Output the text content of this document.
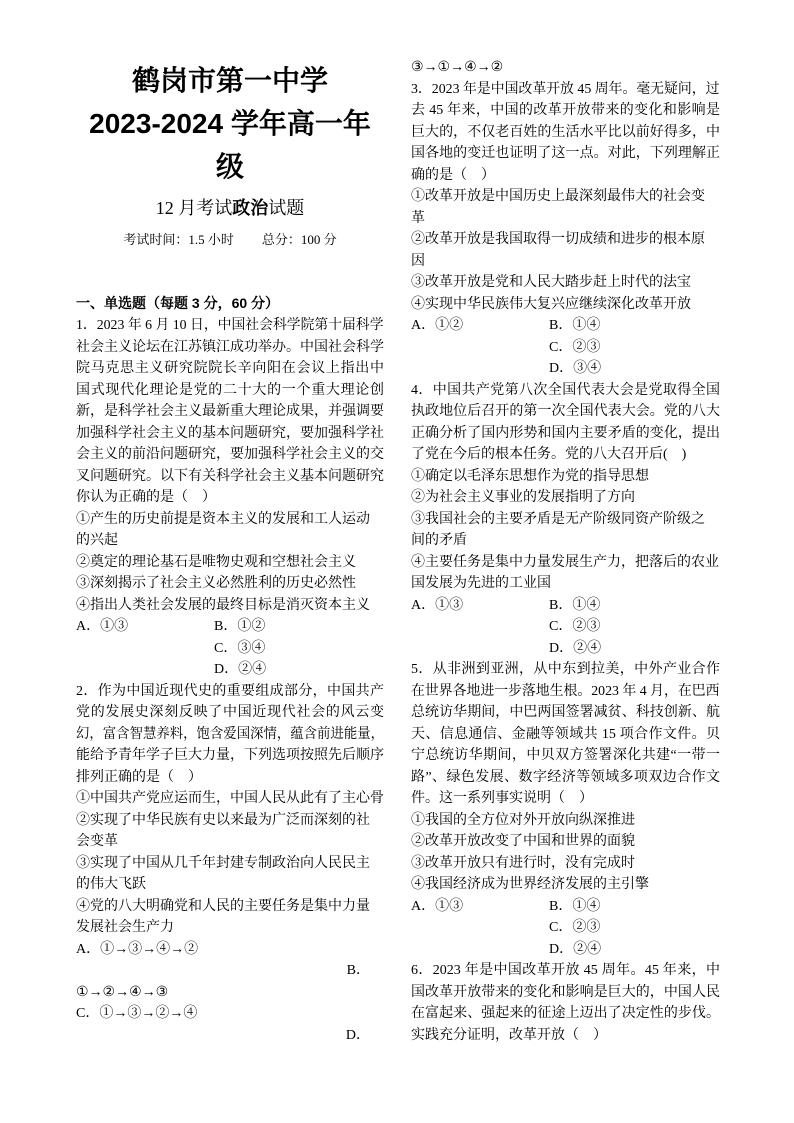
鹤岗市第一中学
2023-2024 学年高一年
级
12 月考试政治试题
考试时间：1.5 小时 总分：100 分
一、单选题（每题 3 分，60 分）
1．2023 年 6 月 10 日，中国社会科学院第十届科学
社会主义论坛在江苏镇江成功举办。中国社会科学
院马克思主义研究院院长辛向阳在会议上指出中
国式现代化理论是党的二十大的一个重大理论创
新，是科学社会主义最新重大理论成果，并强调要
加强科学社会主义的基本问题研究，要加强科学社
会主义的前沿问题研究，要加强科学社会主义的交
叉问题研究。以下有关科学社会主义基本问题研究
你认为正确的是（　）
①产生的历史前提是资本主义的发展和工人运动
的兴起
②奠定的理论基石是唯物史观和空想社会主义
③深刻揭示了社会主义必然胜利的历史必然性
④指出人类社会发展的最终目标是消灭资本主义
A．①③	B．①②
C．③④
D．②④
2．作为中国近现代史的重要组成部分，中国共产
党的发展史深刻反映了中国近现代社会的风云变
幻，富含智慧养料，饱含爱国深情，蕴含前进能量，
能给予青年学子巨大力量，下列选项按照先后顺序
排列正确的是（　）
①中国共产党应运而生，中国人民从此有了主心骨
②实现了中华民族有史以来最为广泛而深刻的社
会变革
③实现了中国从几千年封建专制政治向人民民主
的伟大飞跃
④党的八大明确党和人民的主要任务是集中力量
发展社会生产力
A．①→③→④→②
B．
①→②→④→③
C．①→③→②→④
D．
③→①→④→②
3．2023 年是中国改革开放 45 周年。毫无疑问，过
去 45 年来，中国的改革开放带来的变化和影响是
巨大的，不仅老百姓的生活水平比以前好得多，中
国各地的变迁也证明了这一点。对此，下列理解正
确的是（　）
①改革开放是中国历史上最深刻最伟大的社会变
革
②改革开放是我国取得一切成绩和进步的根本原
因
③改革开放是党和人民大踏步赶上时代的法宝
④实现中华民族伟大复兴应继续深化改革开放
A．①②	B．①④
C．②③
D．③④
4．中国共产党第八次全国代表大会是党取得全国
执政地位后召开的第一次全国代表大会。党的八大
正确分析了国内形势和国内主要矛盾的变化，提出
了党在今后的根本任务。党的八大召开后(　)
①确定以毛泽东思想作为党的指导思想
②为社会主义事业的发展指明了方向
③我国社会的主要矛盾是无产阶级同资产阶级之
间的矛盾
④主要任务是集中力量发展生产力，把落后的农业
国发展为先进的工业国
A．①③	B．①④
C．②③
D．②④
5．从非洲到亚洲，从中东到拉美，中外产业合作
在世界各地进一步落地生根。2023 年 4 月，在巴西
总统访华期间，中巴两国签署减贫、科技创新、航
天、信息通信、金融等领域共 15 项合作文件。贝
宁总统访华期间，中贝双方签署深化共建“一带一
路”、绿色发展、数字经济等领域多项双边合作文
件。这一系列事实说明（　）
①我国的全方位对外开放向纵深推进
②改革开放改变了中国和世界的面貌
③改革开放只有进行时，没有完成时
④我国经济成为世界经济发展的主引擎
A．①③	B．①④
C．②③
D．②④
6．2023 年是中国改革开放 45 周年。45 年来，中
国改革开放带来的变化和影响是巨大的，中国人民
在富起来、强起来的征途上迈出了决定性的步伐。
实践充分证明，改革开放（　）
